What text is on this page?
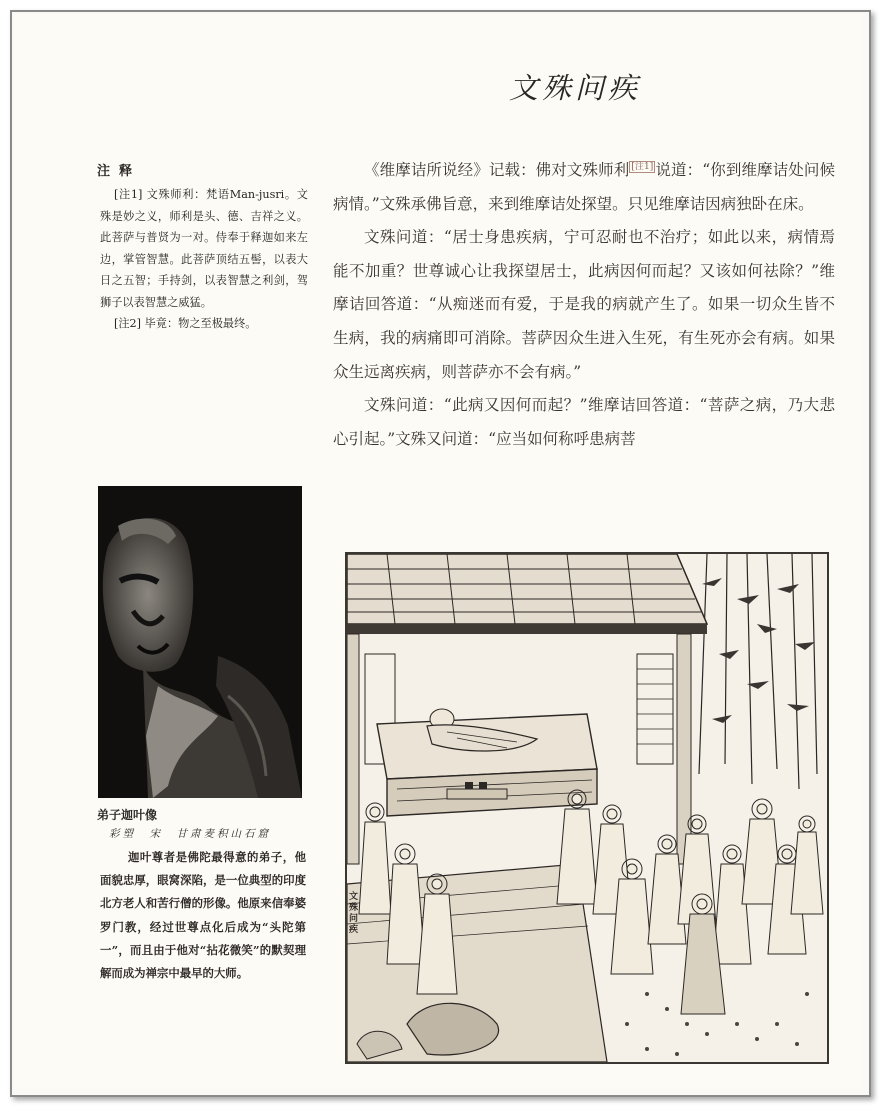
文殊问疾
注释

[注1] 文殊师利：梵语Man-jusri。文殊是妙之义，师利是头、德、吉祥之义。此菩萨与普贤为一对。侍奉于释迦如来左边，掌管智慧。此菩萨顶结五髻，以表大日之五智；手持剑，以表智慧之利剑，驾狮子以表智慧之威猛。

[注2] 毕竟：物之至极最终。

《维摩诘所说经》记载：佛对文殊师利 [注1] 说道：“你到维摩诘处问候病情。”文殊承佛旨意，来到维摩诘处探望。只见维摩诘因病独卧在床。

文殊问道：“居士身患疾病，宁可忍耐也不治疗；如此以来，病情焉能不加重？世尊诚心让我探望居士，此病因何而起？又该如何祛除？”维摩诘回答道：“从痴迷而有爱，于是我的病就产生了。如果一切众生皆不生病，我的病痛即可消除。菩萨因众生进入生死，有生死亦会有病。如果众生远离疾病，则菩萨亦不会有病。”

文殊问道：“此病又因何而起？”维摩诘回答道：“菩萨之病，乃大悲心引起。”文殊又问道：“应当如何称呼患病菩

弟子迦叶像
彩塑　宋　甘肃麦积山石窟

迦叶尊者是佛陀最得意的弟子，他面貌忠厚，眼窝深陷，是一位典型的印度北方老人和苦行僧的形像。他原来信奉婆罗门教，经过世尊点化后成为“头陀第一”，而且由于他对“拈花微笑”的默契理解而成为禅宗中最早的大师。

文殊问疾
